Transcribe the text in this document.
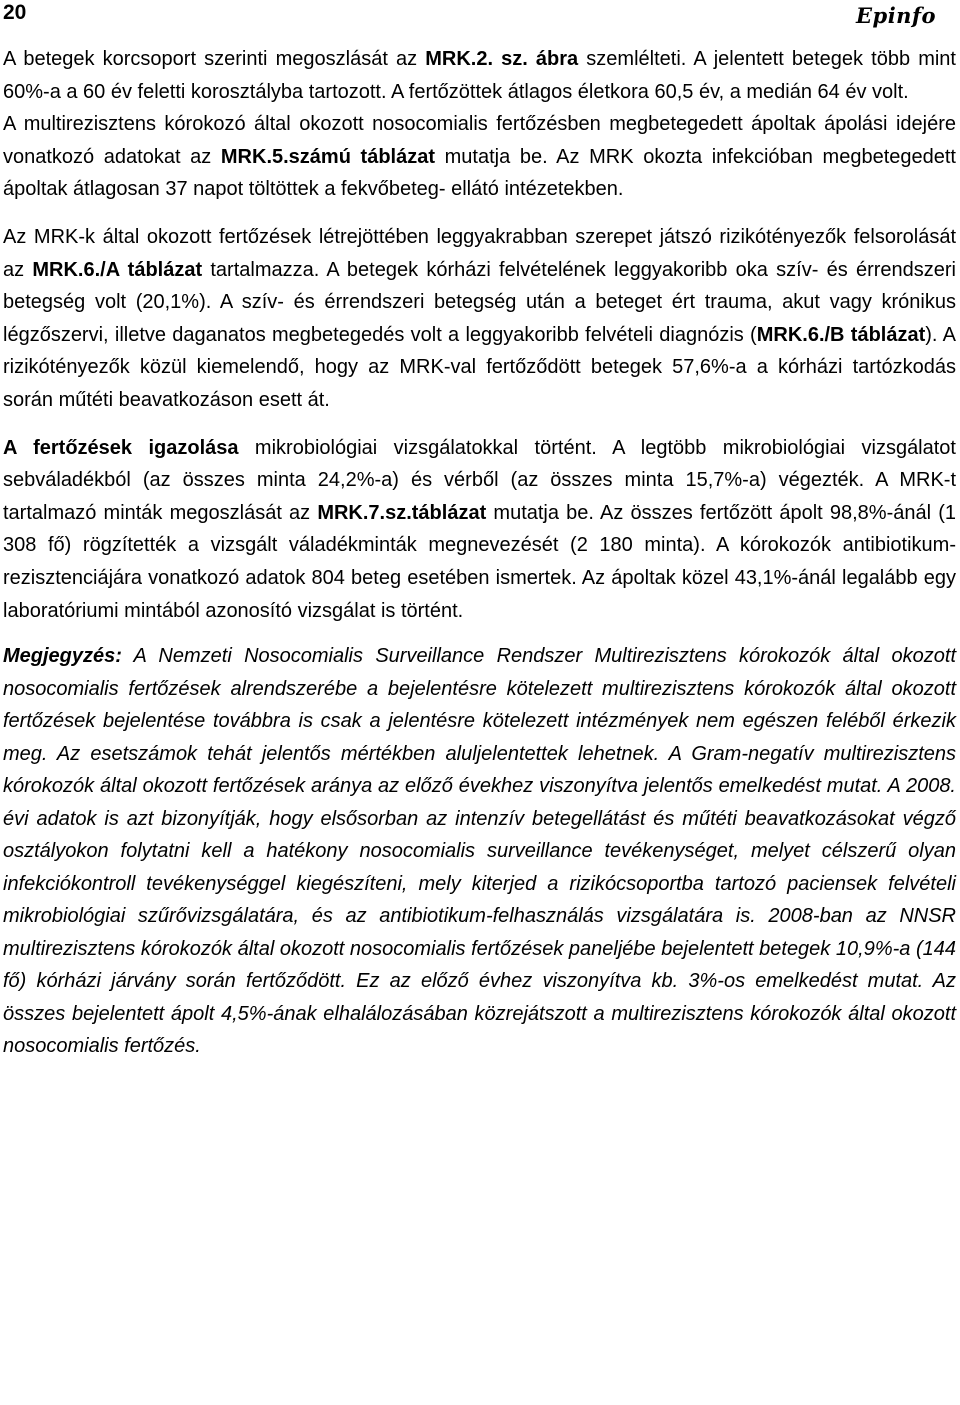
20	Epinfo

A betegek korcsoport szerinti megoszlását az MRK.2. sz. ábra szemlélteti. A jelentett betegek több mint 60%-a a 60 év feletti korosztályba tartozott. A fertőzöttek átlagos életkora 60,5 év, a medián 64 év volt.

A multirezisztens kórokozó által okozott nosocomialis fertőzésben megbetegedett ápoltak ápolási idejére vonatkozó adatokat az MRK.5.számú táblázat mutatja be. Az MRK okozta infekcióban megbetegedett ápoltak átlagosan 37 napot töltöttek a fekvőbeteg- ellátó intézetekben.

Az MRK-k által okozott fertőzések létrejöttében leggyakrabban szerepet játszó rizikótényezők felsorolását az MRK.6./A táblázat tartalmazza. A betegek kórházi felvételének leggyakoribb oka szív- és érrendszeri betegség volt (20,1%). A szív- és érrendszeri betegség után a beteget ért trauma, akut vagy krónikus légzőszervi, illetve daganatos megbetegedés volt a leggyakoribb felvételi diagnózis (MRK.6./B táblázat). A rizikótényezők közül kiemelendő, hogy az MRK-val fertőződött betegek 57,6%-a a kórházi tartózkodás során műtéti beavatkozáson esett át.

A fertőzések igazolása mikrobiológiai vizsgálatokkal történt. A legtöbb mikrobiológiai vizsgálatot sebváladékból (az összes minta 24,2%-a) és vérből (az összes minta 15,7%-a) végezték. A MRK-t tartalmazó minták megoszlását az MRK.7.sz.táblázat mutatja be. Az összes fertőzött ápolt 98,8%-ánál (1 308 fő) rögzítették a vizsgált váladékminták megnevezését (2 180 minta). A kórokozók antibiotikum-rezisztenciájára vonatkozó adatok 804 beteg esetében ismertek. Az ápoltak közel 43,1%-ánál legalább egy laboratóriumi mintából azonosító vizsgálat is történt.

Megjegyzés: A Nemzeti Nosocomialis Surveillance Rendszer Multirezisztens kórokozók által okozott nosocomialis fertőzések alrendszerébe a bejelentésre kötelezett multirezisztens kórokozók által okozott fertőzések bejelentése továbbra is csak a jelentésre kötelezett intézmények nem egészen feléből érkezik meg. Az esetszámok tehát jelentős mértékben aluljelentettek lehetnek. A Gram-negatív multirezisztens kórokozók által okozott fertőzések aránya az előző évekhez viszonyítva jelentős emelkedést mutat. A 2008. évi adatok is azt bizonyítják, hogy elsősorban az intenzív betegellátást és műtéti beavatkozásokat végző osztályokon folytatni kell a hatékony nosocomialis surveillance tevékenységet, melyet célszerű olyan infekciókontroll tevékenységgel kiegészíteni, mely kiterjed a rizikócsoportba tartozó paciensek felvételi mikrobiológiai szűrővizsgálatára, és az antibiotikum-felhasználás vizsgálatára is. 2008-ban az NNSR multirezisztens kórokozók által okozott nosocomialis fertőzések paneljébe bejelentett betegek 10,9%-a (144 fő) kórházi járvány során fertőződött. Ez az előző évhez viszonyítva kb. 3%-os emelkedést mutat. Az összes bejelentett ápolt 4,5%-ának elhalálozásában közrejátszott a multirezisztens kórokozók által okozott nosocomialis fertőzés.
